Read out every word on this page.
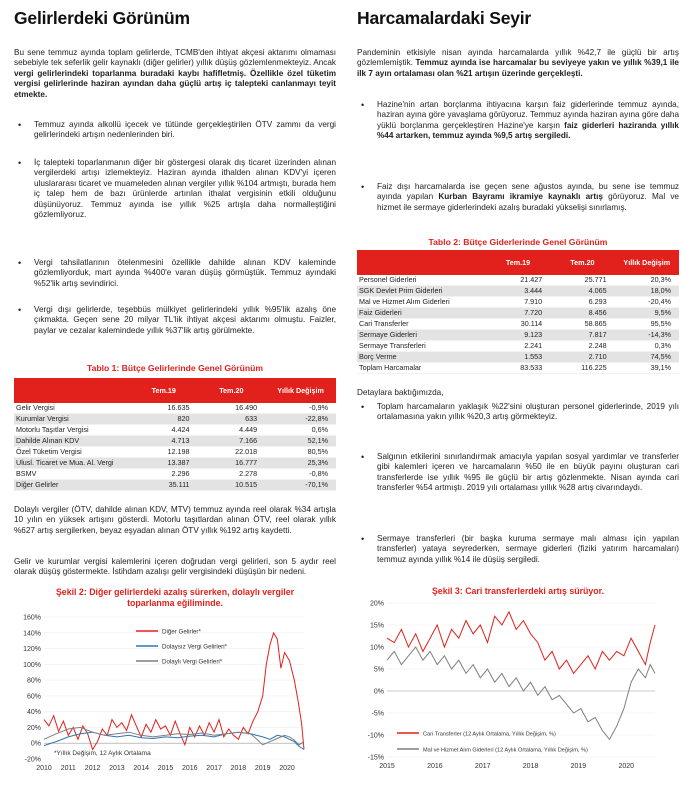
Gelirlerdeki Görünüm

Bu sene temmuz ayında toplam gelirlerde, TCMB'den ihtiyat akçesi aktarımı olmaması sebebiyle tek seferlik gelir kaynaklı (diğer gelirler) yıllık düşüş gözlemlenmekteyiz. Ancak vergi gelirlerindeki toparlanma buradaki kaybı hafifletmiş. Özellikle özel tüketim vergisi gelirlerinde haziran ayından daha güçlü artış iç talepteki canlanmayı teyit etmekte.

• Temmuz ayında alkollü içecek ve tütünde gerçekleştirilen ÖTV zammı da vergi gelirlerindeki artışın nedenlerinden biri.
• İç talepteki toparlanmanın diğer bir göstergesi olarak dış ticaret üzerinden alınan vergilerdeki artışı izlemekteyiz. Haziran ayında ithalden alınan KDV'yi içeren uluslararası ticaret ve muameleden alınan vergiler yıllık %104 artmıştı, burada hem iç talep hem de bazı ürünlerde artırılan ithalat vergisinin etkili olduğunu düşünüyoruz. Temmuz ayında ise yıllık %25 artışla daha normalleştiğini gözlemliyoruz.
• Vergi tahsilatlarının ötelenmesini özellikle dahilde alınan KDV kaleminde gözlemliyorduk, mart ayında %400'e varan düşüş görmüştük. Temmuz ayındaki %52'lik artış sevindirici.
• Vergi dışı gelirlerde, teşebbüs mülkiyet gelirlerindeki yıllık %95'lik azalış öne çıkmakta. Geçen sene 20 milyar TL'lik ihtiyat akçesi aktarımı olmuştu. Faizler, paylar ve cezalar kalemindede yıllık %37'lik artış görülmekte.
Tablo 1: Bütçe Gelirlerinde Genel Görünüm
	Tem.19	Tem.20	Yıllık Değişim
Gelir Vergisi	16.635	16.490	-0,9%
Kurumlar Vergisi	820	633	-22,8%
Motorlu Taşıtlar Vergisi	4.424	4.449	0,6%
Dahilde Alınan KDV	4.713	7.166	52,1%
Özel Tüketim Vergisi	12.198	22.018	80,5%
Ulusl. Ticaret ve Mua. Al. Vergi	13.387	16.777	25,3%
BSMV	2.296	2.278	-0,8%
Diğer Gelirler	35.111	10.515	-70,1%

Dolaylı vergiler (ÖTV, dahilde alınan KDV, MTV) temmuz ayında reel olarak %34 artışla 10 yılın en yüksek artışını gösterdi. Motorlu taşıtlardan alınan ÖTV, reel olarak yıllık %627 artış sergilerken, beyaz eşyadan alınan ÖTV yıllık %192 artış kaydetti.

Gelir ve kurumlar vergisi kalemlerini içeren doğrudan vergi gelirleri, son 5 aydır reel olarak düşüş göstermekte. İstihdam azalışı gelir vergisindeki düşüşün bir nedeni.

Şekil 2: Diğer gelirlerdeki azalış sürerken, dolaylı vergiler toparlanma eğiliminde.
-20%
0%
20%
40%
60%
80%
100%
120%
140%
160%
2010 2011 2012 2013 2014 2015 2016 2017 2018 2019 2020
Diğer Gelirler*
Dolaysız Vergi Gelirleri*
Dolaylı Vergi Gelirleri*
*Yıllık Değişim, 12 Aylık Ortalama
Harcamalardaki Seyir

Pandeminin etkisiyle nisan ayında harcamalarda yıllık %42,7 ile güçlü bir artış gözlemlemiştik. Temmuz ayında ise harcamalar bu seviyeye yakın ve yıllık %39,1 ile ilk 7 ayın ortalaması olan %21 artışın üzerinde gerçekleşti.

• Hazine'nin artan borçlanma ihtiyacına karşın faiz giderlerinde temmuz ayında, haziran ayına göre yavaşlama görüyoruz. Temmuz ayında haziran ayına göre daha yüklü borçlanma gerçekleştiren Hazine'ye karşın faiz giderleri haziranda yıllık %44 artarken, temmuz ayında %9,5 artış sergiledi.
• Faiz dışı harcamalarda ise geçen sene ağustos ayında, bu sene ise temmuz ayında yapılan Kurban Bayramı ikramiye kaynaklı artış görüyoruz. Mal ve hizmet ile sermaye giderlerindeki azalış buradaki yükselişi sınırlamış.
Tablo 2: Bütçe Giderlerinde Genel Görünüm
	Tem.19	Tem.20	Yıllık Değişim
Personel Giderleri	21.427	25.771	20,3%
SGK Devlet Prim Giderleri	3.444	4.065	18,0%
Mal ve Hizmet Alım Giderleri	7.910	6.293	-20,4%
Faiz Giderleri	7.720	8.456	9,5%
Cari Transferler	30.114	58.865	95,5%
Sermaye Giderleri	9.123	7.817	-14,3%
Sermaye Transferleri	2.241	2.248	0,3%
Borç Verme	1.553	2.710	74,5%
Toplam Harcamalar	83.533	116.225	39,1%

Detaylara baktığımızda,

• Toplam harcamaların yaklaşık %22'sini oluşturan personel giderlerinde, 2019 yılı ortalamasına yakın yıllık %20,3 artış görmekteyiz.
• Salgının etkilerini sınırlandırmak amacıyla yapılan sosyal yardımlar ve transferler gibi kalemleri içeren ve harcamaların %50 ile en büyük payını oluşturan cari transferlerde ise yıllık %95 ile güçlü bir artış gözlenmekte. Nisan ayında cari transferler %54 artmıştı. 2019 yılı ortalaması yıllık %28 artış civarındaydı.
• Sermaye transferleri (bir başka kuruma sermaye malı alması için yapılan transferler) yataya seyrederken, sermaye giderleri (fiziki yatırım harcamaları) temmuz ayında yıllık %14 ile düşüş sergiledi.
Şekil 3: Cari transferlerdeki artış sürüyor.
-15%
-10%
-5%
0%
5%
10%
15%
20%
2015	2016	2017	2018	2019	2020
Cari Transferler (12 Aylık Ortalama, Yıllık Değişim, %)
Mal ve Hizmet Alım Giderleri (12 Aylık Ortalama, Yıllık Değişim, %)
